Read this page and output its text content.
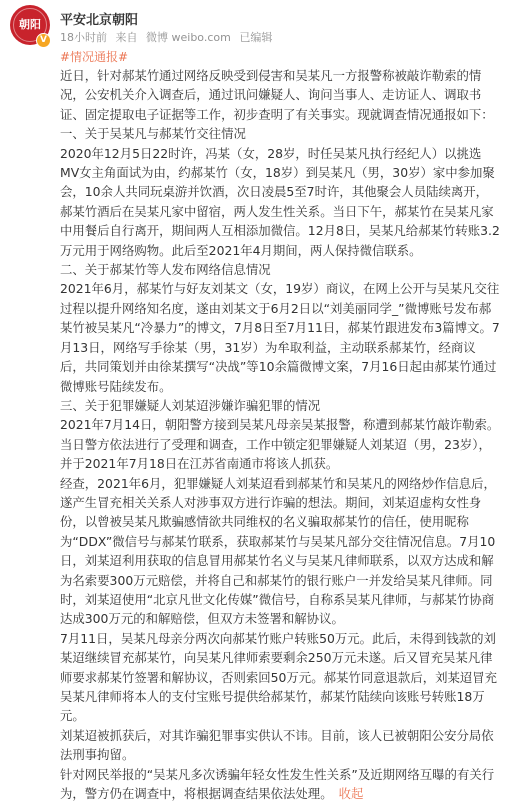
朝阳
V
平安北京朝阳
18小时前 来自 微博 weibo.com 已编辑
#情况通报#

近日，针对郝某竹通过网络反映受到侵害和吴某凡一方报警称被敲诈勒索的情况，公安机关介入调查后，通过讯问嫌疑人、询问当事人、走访证人、调取书证、固定提取电子证据等工作，初步查明了有关事实。现就调查情况通报如下：

一、关于吴某凡与郝某竹交往情况

2020年12月5日22时许，冯某（女，28岁，时任吴某凡执行经纪人）以挑选MV女主角面试为由，约郝某竹（女，18岁）到吴某凡（男，30岁）家中参加聚会，10余人共同玩桌游并饮酒，次日凌晨5至7时许，其他聚会人员陆续离开，郝某竹酒后在吴某凡家中留宿，两人发生性关系。当日下午，郝某竹在吴某凡家中用餐后自行离开，期间两人互相添加微信。12月8日，吴某凡给郝某竹转账3.2万元用于网络购物。此后至2021年4月期间，两人保持微信联系。

二、关于郝某竹等人发布网络信息情况

2021年6月，郝某竹与好友刘某文（女，19岁）商议，在网上公开与吴某凡交往过程以提升网络知名度，遂由刘某文于6月2日以“刘美丽同学_”微博账号发布郝某竹被吴某凡“冷暴力”的博文，7月8日至7月11日，郝某竹跟进发布3篇博文。7月13日，网络写手徐某（男，31岁）为牟取利益，主动联系郝某竹，经商议后，共同策划并由徐某撰写“决战”等10余篇微博文案，7月16日起由郝某竹通过微博账号陆续发布。

三、关于犯罪嫌疑人刘某迢涉嫌诈骗犯罪的情况

2021年7月14日，朝阳警方接到吴某凡母亲吴某报警，称遭到郝某竹敲诈勒索。当日警方依法进行了受理和调查，工作中锁定犯罪嫌疑人刘某迢（男，23岁），并于2021年7月18日在江苏省南通市将该人抓获。

经查，2021年6月，犯罪嫌疑人刘某迢看到郝某竹和吴某凡的网络炒作信息后，遂产生冒充相关关系人对涉事双方进行诈骗的想法。期间，刘某迢虚构女性身份，以曾被吴某凡欺骗感情欲共同维权的名义骗取郝某竹的信任，使用昵称为“DDX”微信号与郝某竹联系，获取郝某竹与吴某凡部分交往情况信息。7月10日，刘某迢利用获取的信息冒用郝某竹名义与吴某凡律师联系，以双方达成和解为名索要300万元赔偿，并将自己和郝某竹的银行账户一并发给吴某凡律师。同时，刘某迢使用“北京凡世文化传媒”微信号，自称系吴某凡律师，与郝某竹协商达成300万元的和解赔偿，但双方未签署和解协议。

7月11日，吴某凡母亲分两次向郝某竹账户转账50万元。此后，未得到钱款的刘某迢继续冒充郝某竹，向吴某凡律师索要剩余250万元未遂。后又冒充吴某凡律师要求郝某竹签署和解协议，否则索回50万元。郝某竹同意退款后，刘某迢冒充吴某凡律师将本人的支付宝账号提供给郝某竹，郝某竹陆续向该账号转账18万元。

刘某迢被抓获后，对其诈骗犯罪事实供认不讳。目前，该人已被朝阳公安分局依法刑事拘留。

针对网民举报的“吴某凡多次诱骗年轻女性发生性关系”及近期网络互曝的有关行为，警方仍在调查中，将根据调查结果依法处理。 收起
